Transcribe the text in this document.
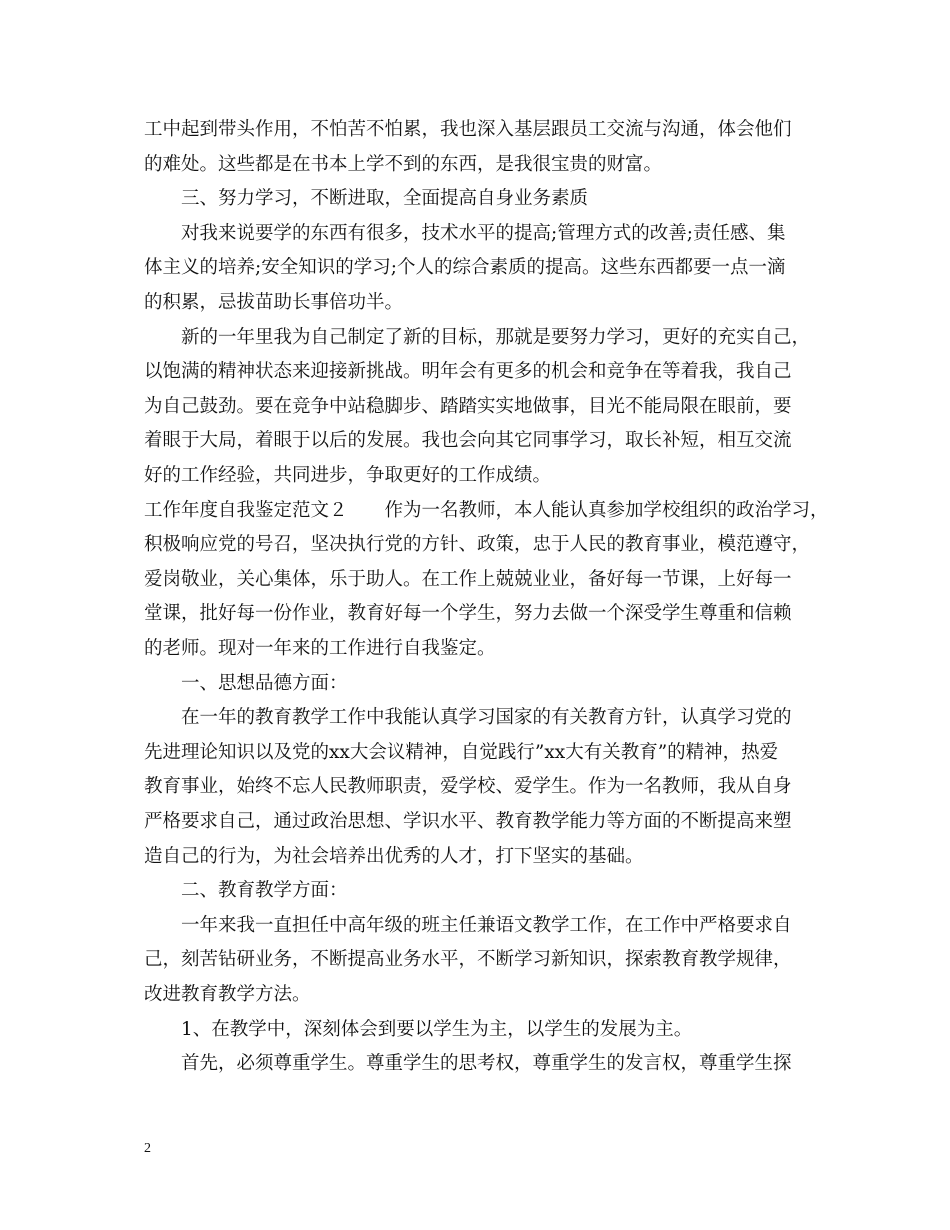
工中起到带头作用，不怕苦不怕累，我也深入基层跟员工交流与沟通，体会他们
的难处。这些都是在书本上学不到的东西，是我很宝贵的财富。
　　三、努力学习，不断进取，全面提高自身业务素质
　　对我来说要学的东西有很多，技术水平的提高;管理方式的改善;责任感、集
体主义的培养;安全知识的学习;个人的综合素质的提高。这些东西都要一点一滴
的积累，忌拔苗助长事倍功半。
　　新的一年里我为自己制定了新的目标，那就是要努力学习，更好的充实自己，
以饱满的精神状态来迎接新挑战。明年会有更多的机会和竞争在等着我，我自己
为自己鼓劲。要在竞争中站稳脚步、踏踏实实地做事，目光不能局限在眼前，要
着眼于大局，着眼于以后的发展。我也会向其它同事学习，取长补短，相互交流
好的工作经验，共同进步，争取更好的工作成绩。
工作年度自我鉴定范文２　　作为一名教师，本人能认真参加学校组织的政治学习，
积极响应党的号召，坚决执行党的方针、政策，忠于人民的教育事业，模范遵守，
爱岗敬业，关心集体，乐于助人。在工作上兢兢业业，备好每一节课，上好每一
堂课，批好每一份作业，教育好每一个学生，努力去做一个深受学生尊重和信赖
的老师。现对一年来的工作进行自我鉴定。
　　一、思想品德方面：
　　在一年的教育教学工作中我能认真学习国家的有关教育方针，认真学习党的
先进理论知识以及党的xx大会议精神，自觉践行”xx大有关教育”的精神，热爱
教育事业，始终不忘人民教师职责，爱学校、爱学生。作为一名教师，我从自身
严格要求自己，通过政治思想、学识水平、教育教学能力等方面的不断提高来塑
造自己的行为，为社会培养出优秀的人才，打下坚实的基础。
　　二、教育教学方面：
　　一年来我一直担任中高年级的班主任兼语文教学工作，在工作中严格要求自
己，刻苦钻研业务，不断提高业务水平，不断学习新知识，探索教育教学规律，
改进教育教学方法。
　　1、在教学中，深刻体会到要以学生为主，以学生的发展为主。
　　首先，必须尊重学生。尊重学生的思考权，尊重学生的发言权，尊重学生探
2
